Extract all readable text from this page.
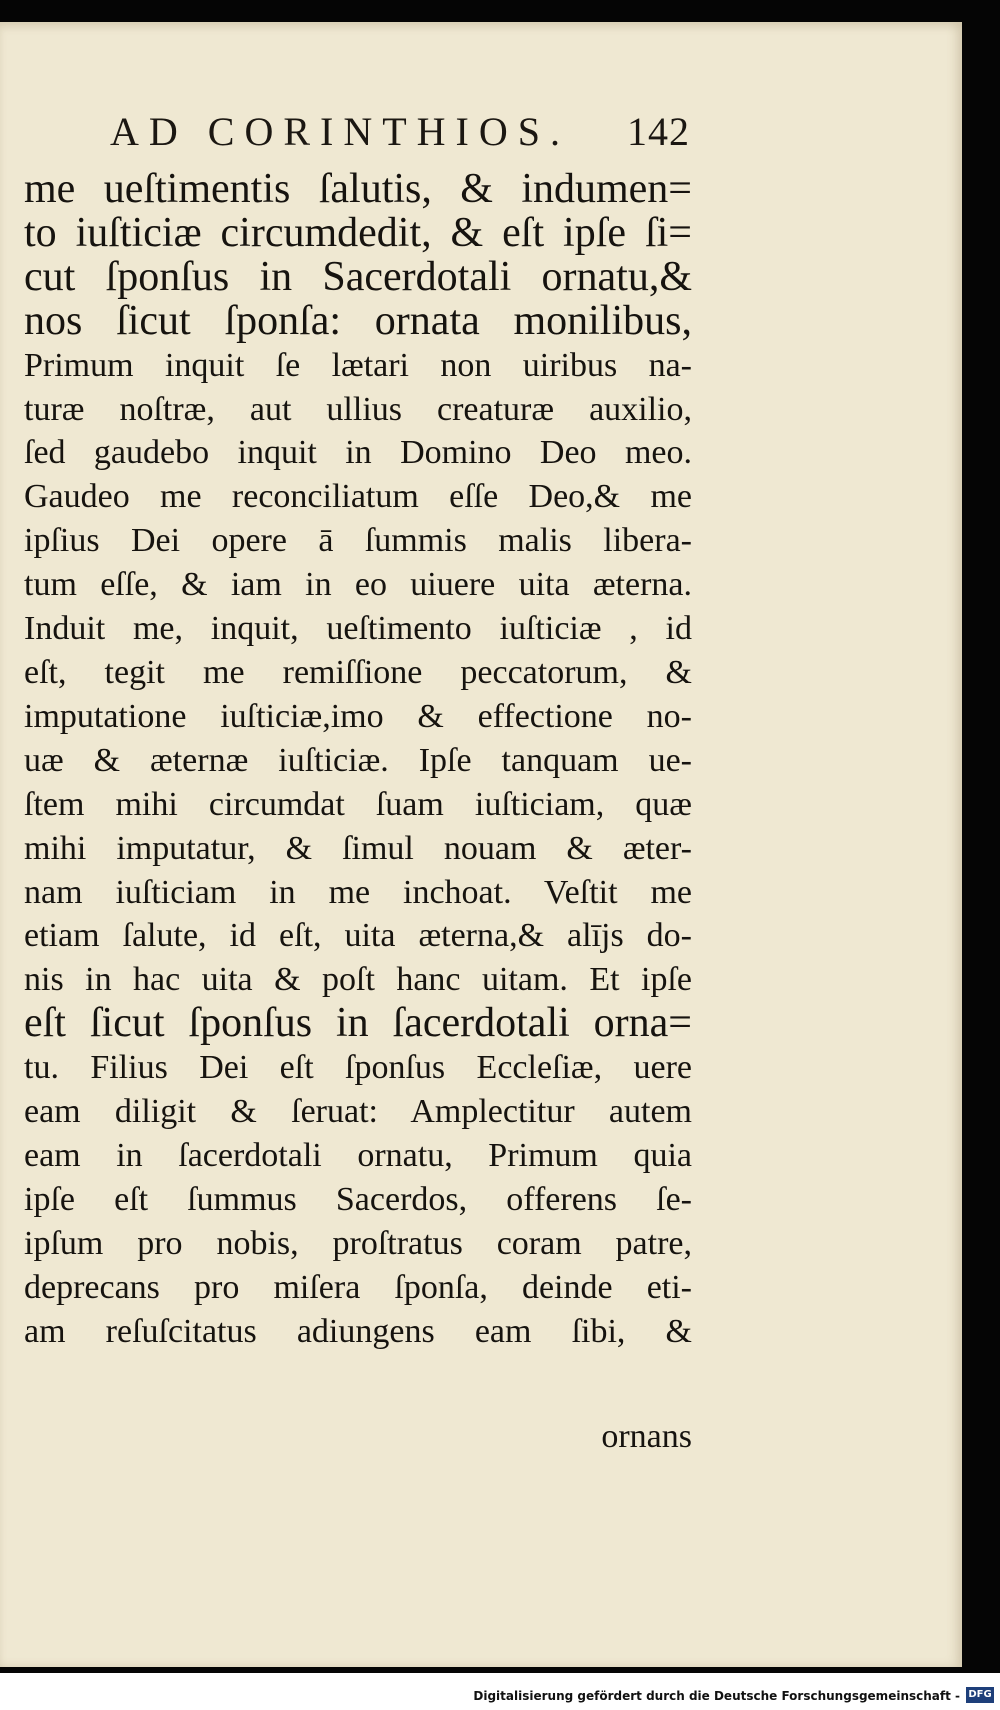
AD CORINTHIOS. 142
me ueſtimentis ſalutis, & indumen=
to iuſticiæ circumdedit, & eſt ipſe ſi=
cut ſponſus in Sacerdotali ornatu,&
nos ſicut ſponſa: ornata monilibus,
Primum inquit ſe lætari non uiribus na-
turæ noſtræ, aut ullius creaturæ auxilio,
ſed gaudebo inquit in Domino Deo meo.
Gaudeo me reconciliatum eſſe Deo,& me
ipſius Dei opere ā ſummis malis libera-
tum eſſe, & iam in eo uiuere uita æterna.
Induit me, inquit, ueſtimento iuſticiæ , id
eſt, tegit me remiſſione peccatorum, &
imputatione iuſticiæ,imo & effectione no-
uæ & æternæ iuſticiæ. Ipſe tanquam ue-
ſtem mihi circumdat ſuam iuſticiam, quæ
mihi imputatur, & ſimul nouam & æter-
nam iuſticiam in me inchoat. Veſtit me
etiam ſalute, id eſt, uita æterna,& alījs do-
nis in hac uita & poſt hanc uitam. Et ipſe
eſt ſicut ſponſus in ſacerdotali orna=
tu. Filius Dei eſt ſponſus Eccleſiæ, uere
eam diligit & ſeruat: Amplectitur autem
eam in ſacerdotali ornatu, Primum quia
ipſe eſt ſummus Sacerdos, offerens ſe-
ipſum pro nobis, proſtratus coram patre,
deprecans pro miſera ſponſa, deinde eti-
am reſuſcitatus adiungens eam ſibi, &
ornans
Digitalisierung gefördert durch die Deutsche Forschungsgemeinschaft - DFG
